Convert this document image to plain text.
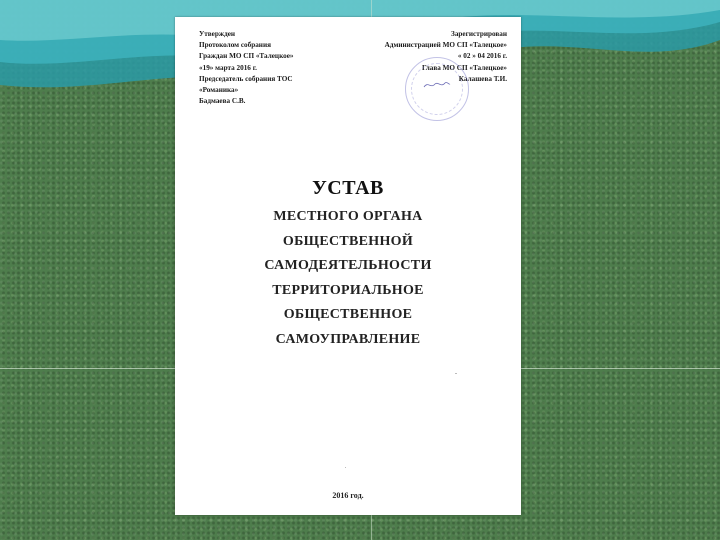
Утвержден
Протоколом собрания
Граждан МО СП «Талецкое»
«19» марта 2016 г.
Председатель собрания ТОС
«Романика»
Бадмаева С.В.
Зарегистрирован
Администрацией МО СП «Талецкое»
« 02 » 04 2016 г.
Глава МО СП «Талецкое»
Калашева Т.И.
УСТАВ
МЕСТНОГО ОРГАНА
ОБЩЕСТВЕННОЙ
САМОДЕЯТЕЛЬНОСТИ
ТЕРРИТОРИАЛЬНОЕ
ОБЩЕСТВЕННОЕ
САМОУПРАВЛЕНИЕ
2016 год.
